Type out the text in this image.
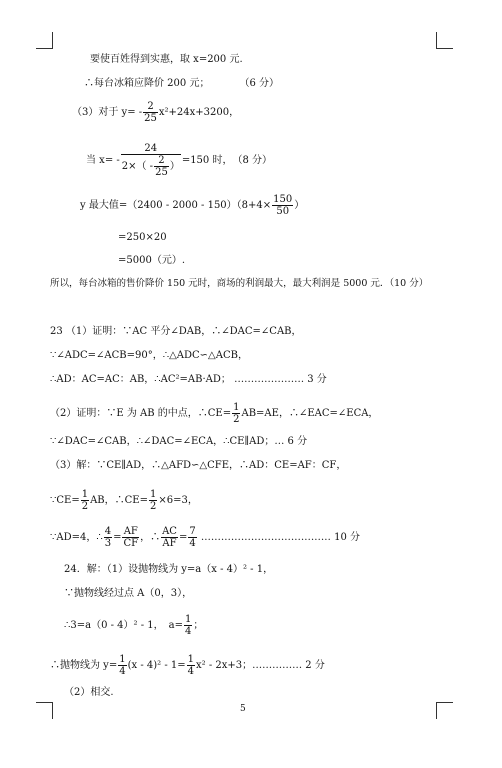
要使百姓得到实惠，取 x=200 元.
∴每台冰箱应降价 200 元；　　　　（6 分）
（3）对于 $y= - \frac{2}{25} x^2+24x+3200$，
当 $x= - \frac{24}{2\times( - \frac{2}{25} )} =150$ 时，　（8 分）
y 最大值$=(2400 - 2000 - 150)(8+4\times \frac{150}{50}$ ）
=250×20
=5000（元）.
所以，每台冰箱的售价降价 150 元时，商场的利润最大，最大利润是 5000 元．（10 分）
23 （1）证明：∵AC 平分∠DAB，∴∠DAC=∠CAB，
∵∠ADC=∠ACB=90°，∴△ADC∽△ACB，
∴AD：AC=AC：AB，∴AC²=AB·AD； ………………… 3 分
（2）证明：∵E 为 AB 的中点，∴CE= $\frac{1}{2} AB=AE$，∴∠EAC=∠ECA，
∵∠DAC=∠CAB，∴∠DAC=∠ECA，∴CE∥AD；… 6 分
（3）解：∵CE∥AD，∴△AFD∽△CFE，∴AD：CE=AF：CF，
∵CE= $\frac{1}{2}$ AB，∴CE= $\frac{1}{2} \times 6=3$，
∵AD=4，∴ $\frac{4}{3} = \frac{AF}{CF}$ ，∴ $\frac{AC}{AF} = \frac{7}{4}$ ………………………………… 10 分
24．解：（1）设抛物线为 y=a（x - 4）² - 1，
∵抛物线经过点 A（0，3），
∴3=a（0 - 4）² - 1，　$a= \frac{1}{4}$ ；
∴抛物线为 $y= \frac{1}{4} (x - 4)^2 - 1= \frac{1}{4} x^2 - 2x+3$；…………… 2 分
（2）相交.
5
